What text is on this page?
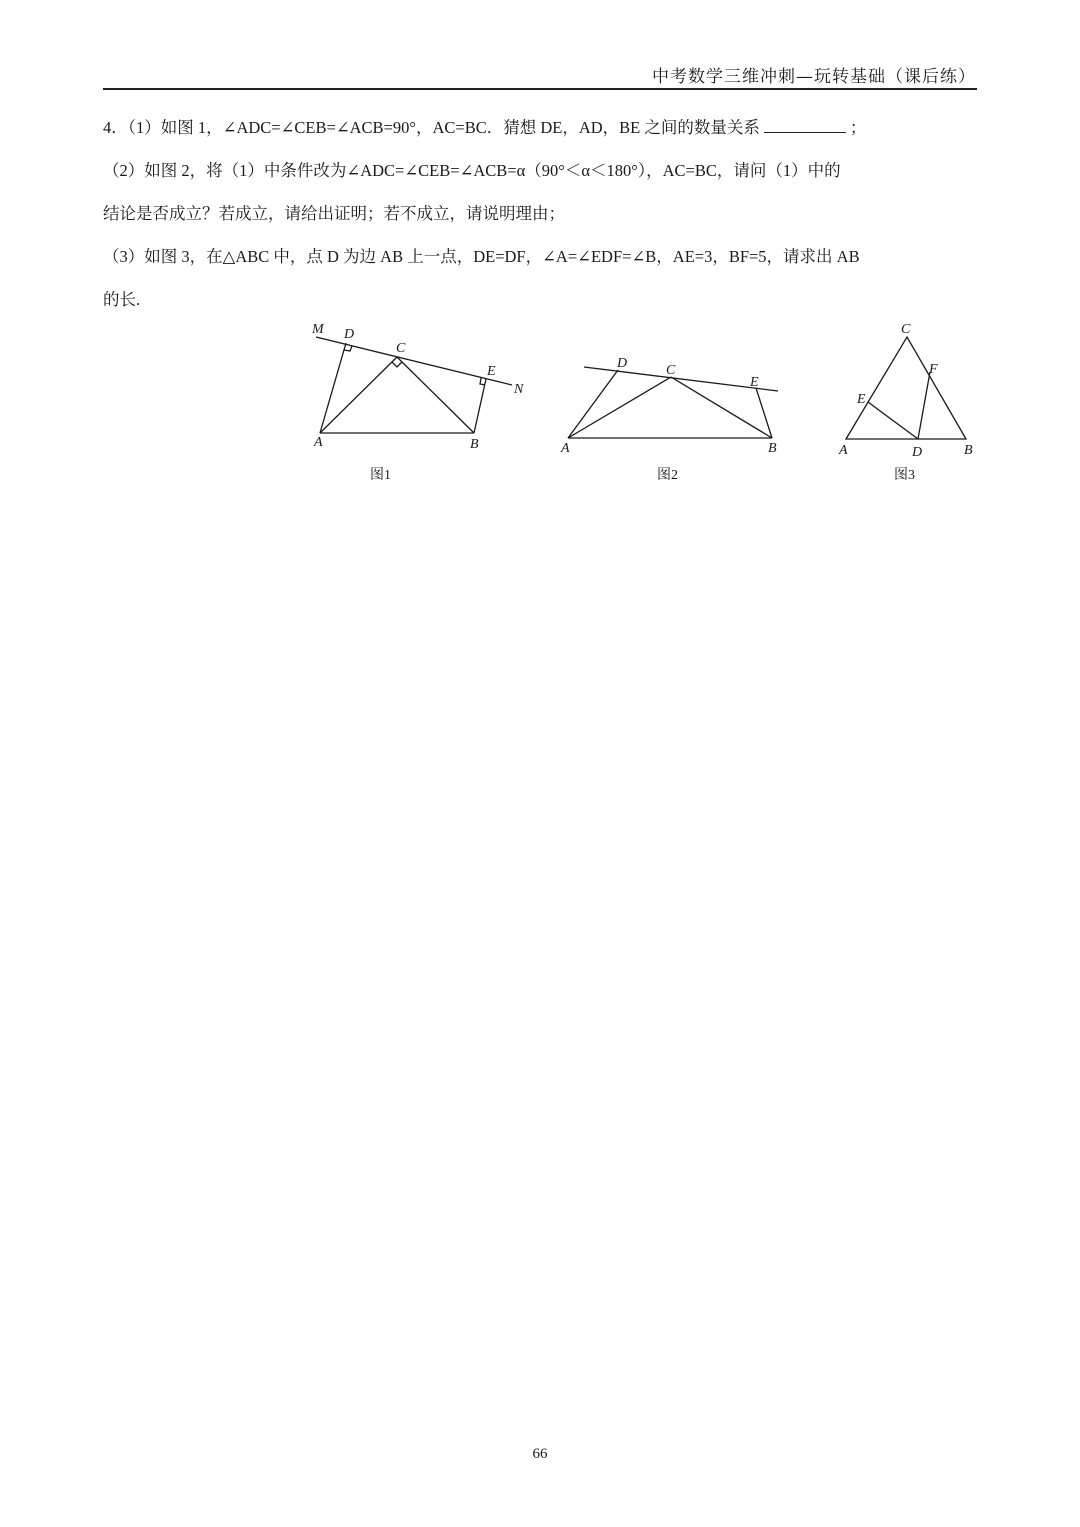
中考数学三维冲刺—玩转基础（课后练）
4．（1）如图 1，∠ADC=∠CEB=∠ACB=90°，AC=BC．猜想 DE，AD，BE 之间的数量关系	；
（2）如图 2，将（1）中条件改为∠ADC=∠CEB=∠ACB=α（90°＜α＜180°），AC=BC，请问（1）中的
结论是否成立？若成立，请给出证明；若不成立，请说明理由；
（3）如图 3，在△ABC 中，点 D 为边 AB 上一点，DE=DF，∠A=∠EDF=∠B，AE=3，BF=5，请求出 AB
的长.
M D
C
E
N
A	B
图1
D	C
E
A	B
图2
C
F
E
A	D	B
图3
66
